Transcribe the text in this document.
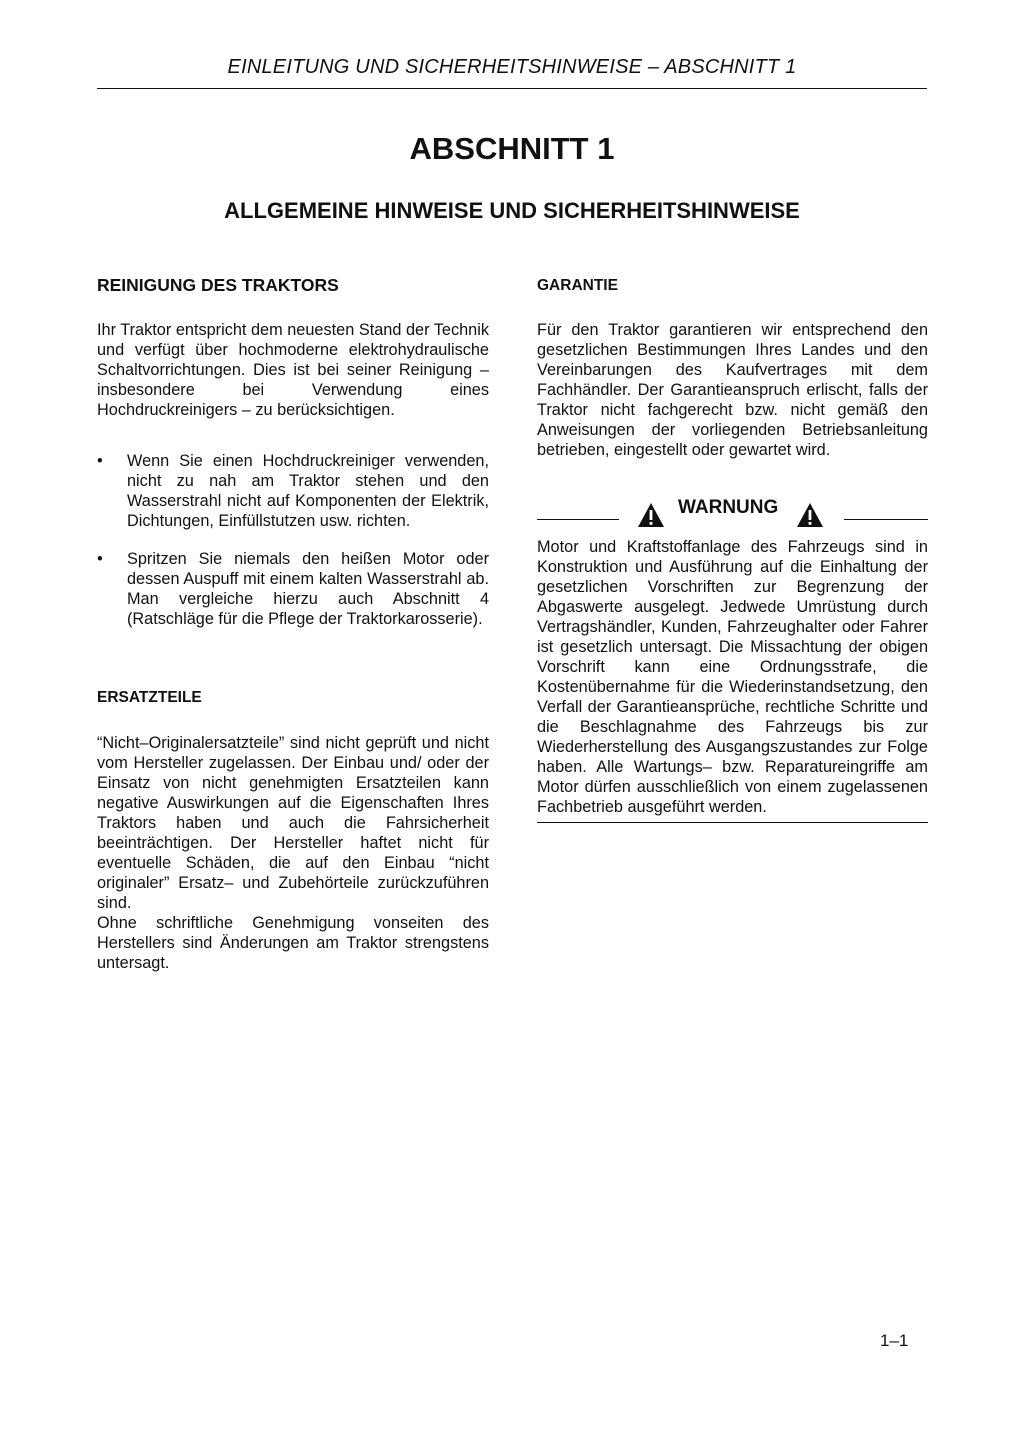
EINLEITUNG UND SICHERHEITSHINWEISE – ABSCHNITT 1
ABSCHNITT 1
ALLGEMEINE HINWEISE UND SICHERHEITSHINWEISE
REINIGUNG DES TRAKTORS
Ihr Traktor entspricht dem neuesten Stand der Technik und verfügt über hochmoderne elektrohydraulische Schaltvorrichtungen. Dies ist bei seiner Reinigung – insbesondere bei Verwendung eines Hochdruckreinigers – zu berücksichtigen.
• Wenn Sie einen Hochdruckreiniger verwenden, nicht zu nah am Traktor stehen und den Wasserstrahl nicht auf Komponenten der Elektrik, Dichtungen, Einfüllstutzen usw. richten.
• Spritzen Sie niemals den heißen Motor oder dessen Auspuff mit einem kalten Wasserstrahl ab. Man vergleiche hierzu auch Abschnitt 4 (Ratschläge für die Pflege der Traktorkarosserie).
ERSATZTEILE
“Nicht–Originalersatzteile” sind nicht geprüft und nicht vom Hersteller zugelassen. Der Einbau und/ oder der Einsatz von nicht genehmigten Ersatzteilen kann negative Auswirkungen auf die Eigenschaften Ihres Traktors haben und auch die Fahrsicherheit beeinträchtigen. Der Hersteller haftet nicht für eventuelle Schäden, die auf den Einbau “nicht originaler” Ersatz– und Zubehörteile zurückzuführen sind.
Ohne schriftliche Genehmigung vonseiten des Herstellers sind Änderungen am Traktor strengstens untersagt.
GARANTIE
Für den Traktor garantieren wir entsprechend den gesetzlichen Bestimmungen Ihres Landes und den Vereinbarungen des Kaufvertrages mit dem Fachhändler. Der Garantieanspruch erlischt, falls der Traktor nicht fachgerecht bzw. nicht gemäß den Anweisungen der vorliegenden Betriebsanleitung betrieben, eingestellt oder gewartet wird.
WARNUNG
Motor und Kraftstoffanlage des Fahrzeugs sind in Konstruktion und Ausführung auf die Einhaltung der gesetzlichen Vorschriften zur Begrenzung der Abgaswerte ausgelegt. Jedwede Umrüstung durch Vertragshändler, Kunden, Fahrzeughalter oder Fahrer ist gesetzlich untersagt. Die Missachtung der obigen Vorschrift kann eine Ordnungsstrafe, die Kostenübernahme für die Wiederinstandsetzung, den Verfall der Garantieansprüche, rechtliche Schritte und die Beschlagnahme des Fahrzeugs bis zur Wiederherstellung des Ausgangszustandes zur Folge haben. Alle Wartungs– bzw. Reparatureingriffe am Motor dürfen ausschließlich von einem zugelassenen Fachbetrieb ausgeführt werden.
1–1
